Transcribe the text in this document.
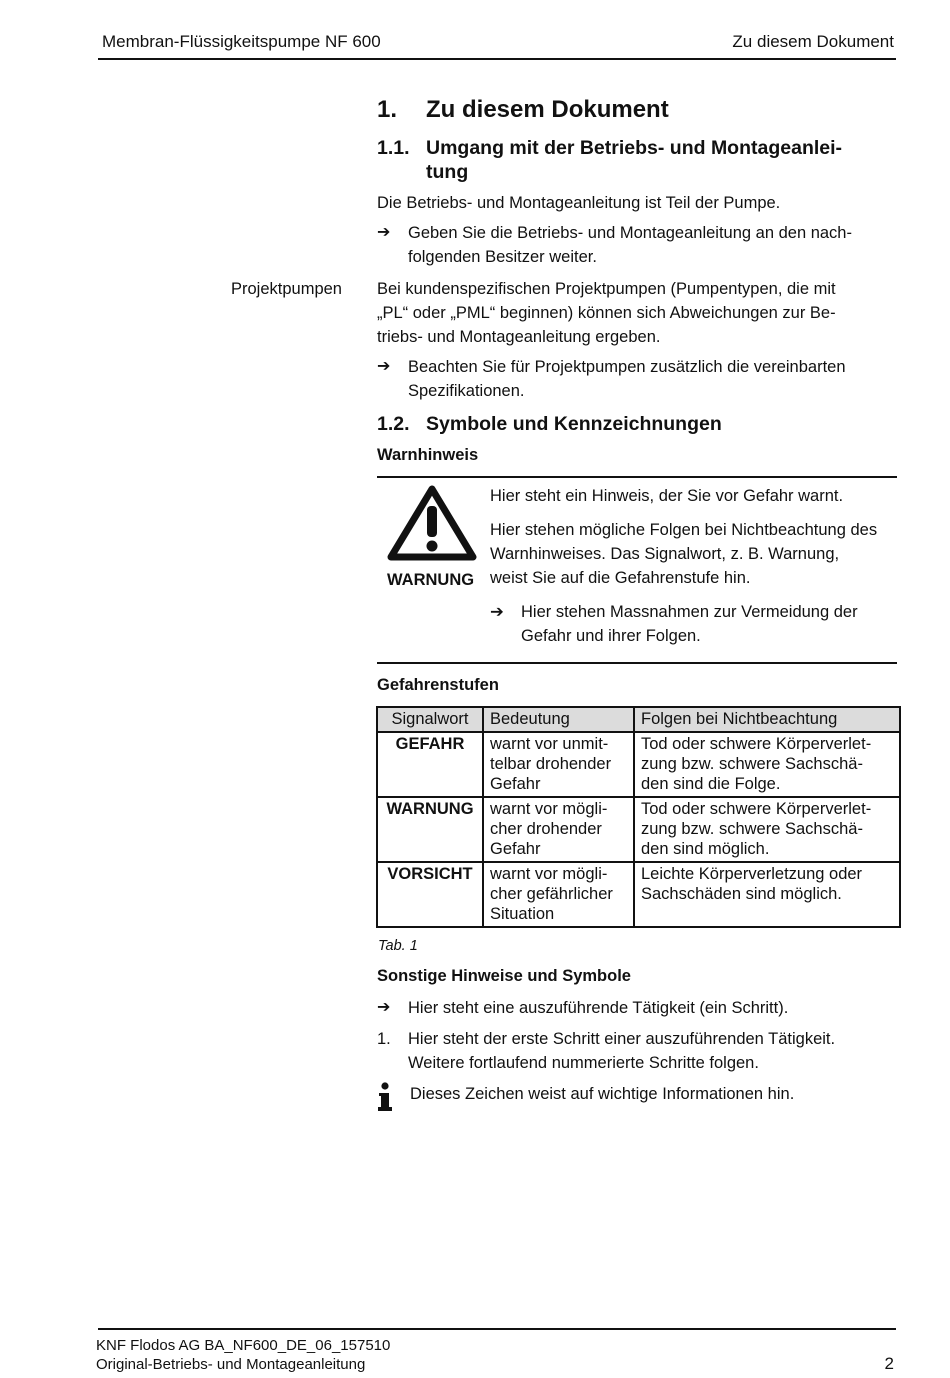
Membran-Flüssigkeitspumpe NF 600	Zu diesem Dokument
1. Zu diesem Dokument
1.1. Umgang mit der Betriebs- und Montageanlei-
tung
Die Betriebs- und Montageanleitung ist Teil der Pumpe.
➔	Geben Sie die Betriebs- und Montageanleitung an den nach-
folgenden Besitzer weiter.
Projektpumpen Bei kundenspezifischen Projektpumpen (Pumpentypen, die mit
„PL“ oder „PML“ beginnen) können sich Abweichungen zur Be-
triebs- und Montageanleitung ergeben.
➔	Beachten Sie für Projektpumpen zusätzlich die vereinbarten
Spezifikationen.
1.2. Symbole und Kennzeichnungen
Warnhinweis
WARNUNG
Hier steht ein Hinweis, der Sie vor Gefahr warnt.
Hier stehen mögliche Folgen bei Nichtbeachtung des
Warnhinweises. Das Signalwort, z. B. Warnung,
weist Sie auf die Gefahrenstufe hin.
➔	Hier stehen Massnahmen zur Vermeidung der
Gefahr und ihrer Folgen.
Gefahrenstufen
Signalwort	Bedeutung	Folgen bei Nichtbeachtung
GEFAHR	warnt vor unmit-
telbar drohender
Gefahr	Tod oder schwere Körperverlet-
zung bzw. schwere Sachschä-
den sind die Folge.
WARNUNG	warnt vor mögli-
cher drohender
Gefahr	Tod oder schwere Körperverlet-
zung bzw. schwere Sachschä-
den sind möglich.
VORSICHT	warnt vor mögli-
cher gefährlicher
Situation	Leichte Körperverletzung oder
Sachschäden sind möglich.
Tab. 1
Sonstige Hinweise und Symbole
➔	Hier steht eine auszuführende Tätigkeit (ein Schritt).
1.	Hier steht der erste Schritt einer auszuführenden Tätigkeit.
Weitere fortlaufend nummerierte Schritte folgen.
Dieses Zeichen weist auf wichtige Informationen hin.
KNF Flodos AG BA_NF600_DE_06_157510
Original-Betriebs- und Montageanleitung	2
